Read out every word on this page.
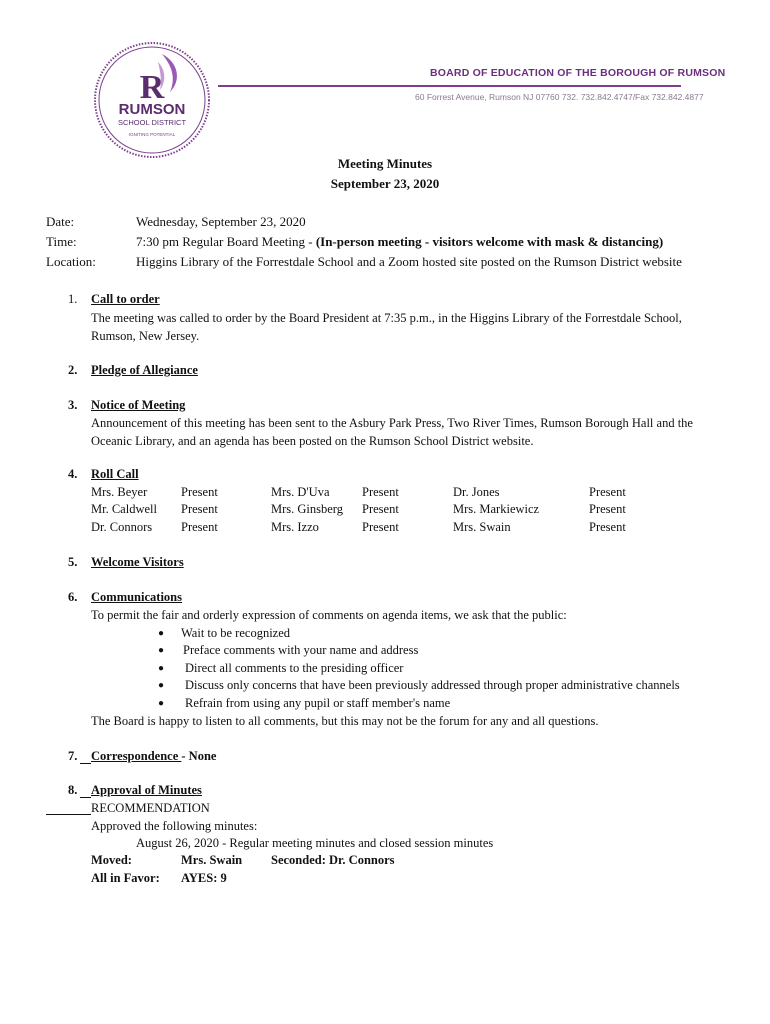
R
RUMSON
SCHOOL DISTRICT
IGNITING POTENTIAL
BOARD OF EDUCATION OF THE BOROUGH OF RUMSON
60 Forrest Avenue, Rumson NJ 07760 732. 732.842.4747/Fax 732.842.4877
Meeting Minutes
September 23, 2020
Date:	Wednesday, September 23, 2020
Time:	7:30 pm Regular Board Meeting - (In-person meeting - visitors welcome with mask & distancing)
Location:	Higgins Library of the Forrestdale School and a Zoom hosted site posted on the Rumson District website
1. Call to order
The meeting was called to order by the Board President at 7:35 p.m., in the Higgins Library of the Forrestdale School, Rumson, New Jersey.
2. Pledge of Allegiance
3. Notice of Meeting
Announcement of this meeting has been sent to the Asbury Park Press, Two River Times, Rumson Borough Hall and the Oceanic Library, and an agenda has been posted on the Rumson School District website.
4. Roll Call
Mrs. Beyer	Present	Mrs. D'Uva	Present	Dr. Jones	Present
Mr. Caldwell Present	Mrs. Ginsberg Present	Mrs. Markiewicz	Present
Dr. Connors Present	Mrs. Izzo	Present	Mrs. Swain	Present
5. Welcome Visitors
6. Communications
To permit the fair and orderly expression of comments on agenda items, we ask that the public:
● Wait to be recognized
● Preface comments with your name and address
● Direct all comments to the presiding officer
● Discuss only concerns that have been previously addressed through proper administrative channels
● Refrain from using any pupil or staff member's name
The Board is happy to listen to all comments, but this may not be the forum for any and all questions.
7. Correspondence - None
8. Approval of Minutes
RECOMMENDATION
Approved the following minutes:
August 26, 2020 - Regular meeting minutes and closed session minutes
Moved:	Mrs. Swain Seconded: Dr. Connors
All in Favor: AYES: 9
